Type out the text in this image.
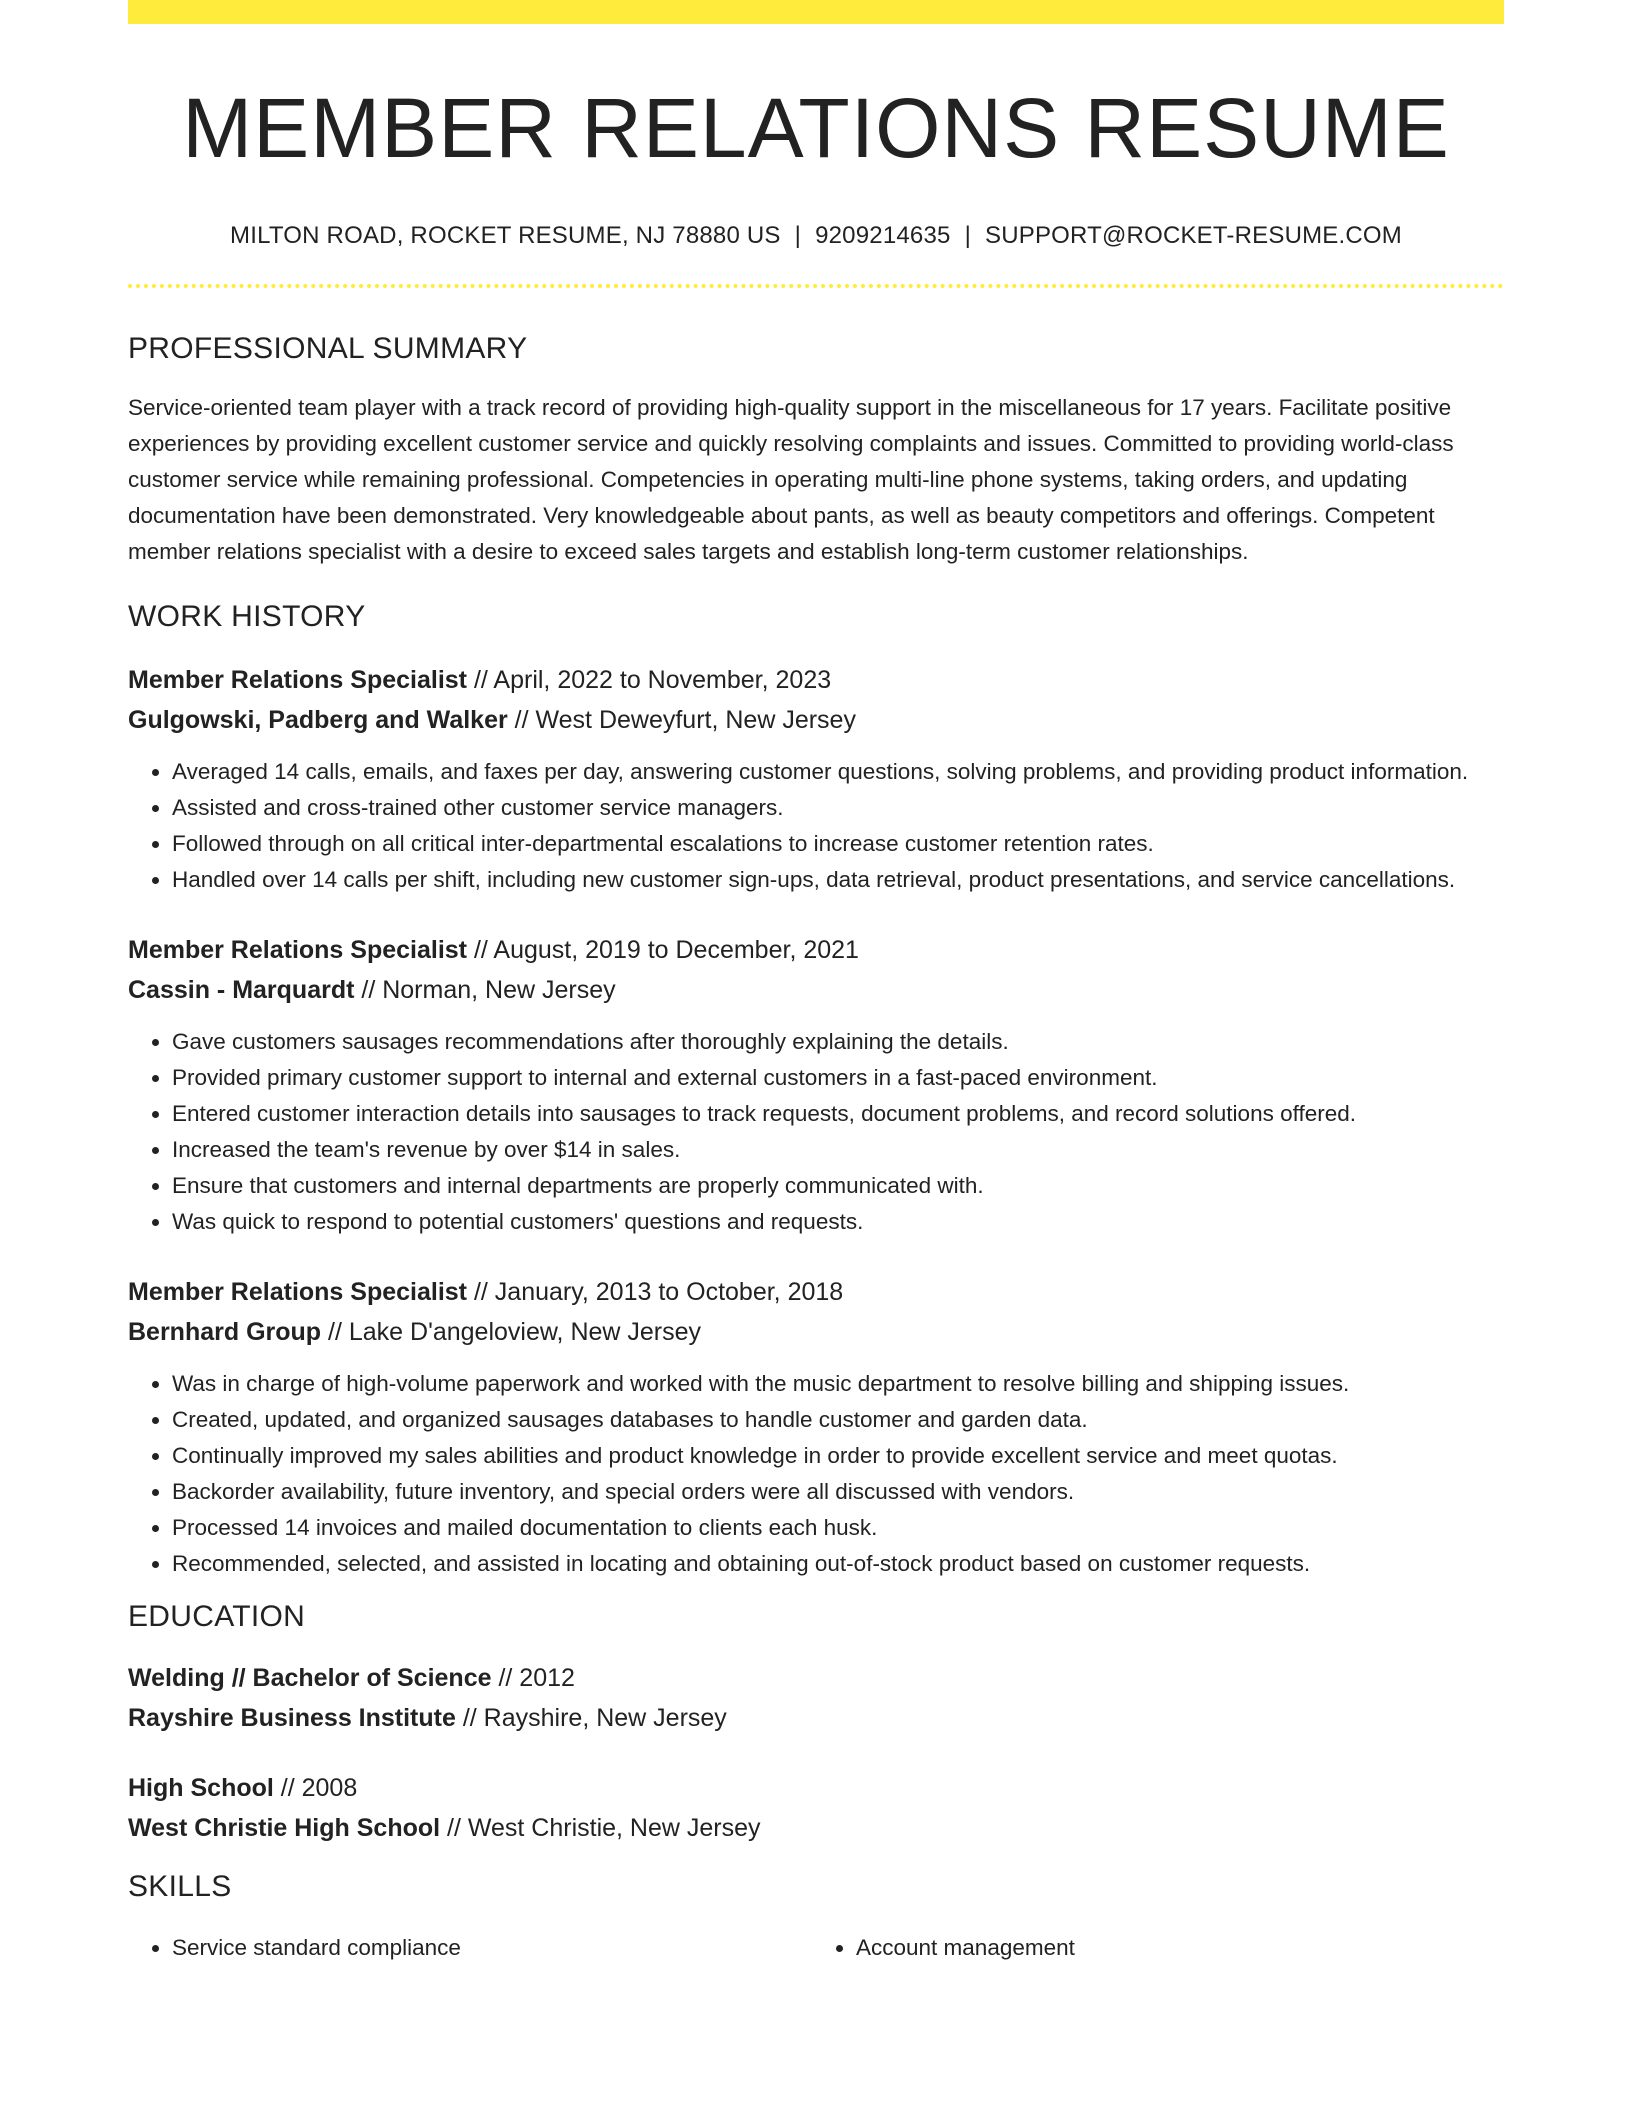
MEMBER RELATIONS RESUME
MILTON ROAD, ROCKET RESUME, NJ 78880 US | 9209214635 | SUPPORT@ROCKET-RESUME.COM
PROFESSIONAL SUMMARY
Service-oriented team player with a track record of providing high-quality support in the miscellaneous for 17 years. Facilitate positive experiences by providing excellent customer service and quickly resolving complaints and issues. Committed to providing world-class customer service while remaining professional. Competencies in operating multi-line phone systems, taking orders, and updating documentation have been demonstrated. Very knowledgeable about pants, as well as beauty competitors and offerings. Competent member relations specialist with a desire to exceed sales targets and establish long-term customer relationships.
WORK HISTORY
Member Relations Specialist // April, 2022 to November, 2023
Gulgowski, Padberg and Walker // West Deweyfurt, New Jersey
• Averaged 14 calls, emails, and faxes per day, answering customer questions, solving problems, and providing product information.
• Assisted and cross-trained other customer service managers.
• Followed through on all critical inter-departmental escalations to increase customer retention rates.
• Handled over 14 calls per shift, including new customer sign-ups, data retrieval, product presentations, and service cancellations.
Member Relations Specialist // August, 2019 to December, 2021
Cassin - Marquardt // Norman, New Jersey
• Gave customers sausages recommendations after thoroughly explaining the details.
• Provided primary customer support to internal and external customers in a fast-paced environment.
• Entered customer interaction details into sausages to track requests, document problems, and record solutions offered.
• Increased the team's revenue by over $14 in sales.
• Ensure that customers and internal departments are properly communicated with.
• Was quick to respond to potential customers' questions and requests.
Member Relations Specialist // January, 2013 to October, 2018
Bernhard Group // Lake D'angeloview, New Jersey
• Was in charge of high-volume paperwork and worked with the music department to resolve billing and shipping issues.
• Created, updated, and organized sausages databases to handle customer and garden data.
• Continually improved my sales abilities and product knowledge in order to provide excellent service and meet quotas.
• Backorder availability, future inventory, and special orders were all discussed with vendors.
• Processed 14 invoices and mailed documentation to clients each husk.
• Recommended, selected, and assisted in locating and obtaining out-of-stock product based on customer requests.
EDUCATION
Welding // Bachelor of Science // 2012
Rayshire Business Institute // Rayshire, New Jersey
High School // 2008
West Christie High School // West Christie, New Jersey
SKILLS
• Service standard compliance
•	Account management
